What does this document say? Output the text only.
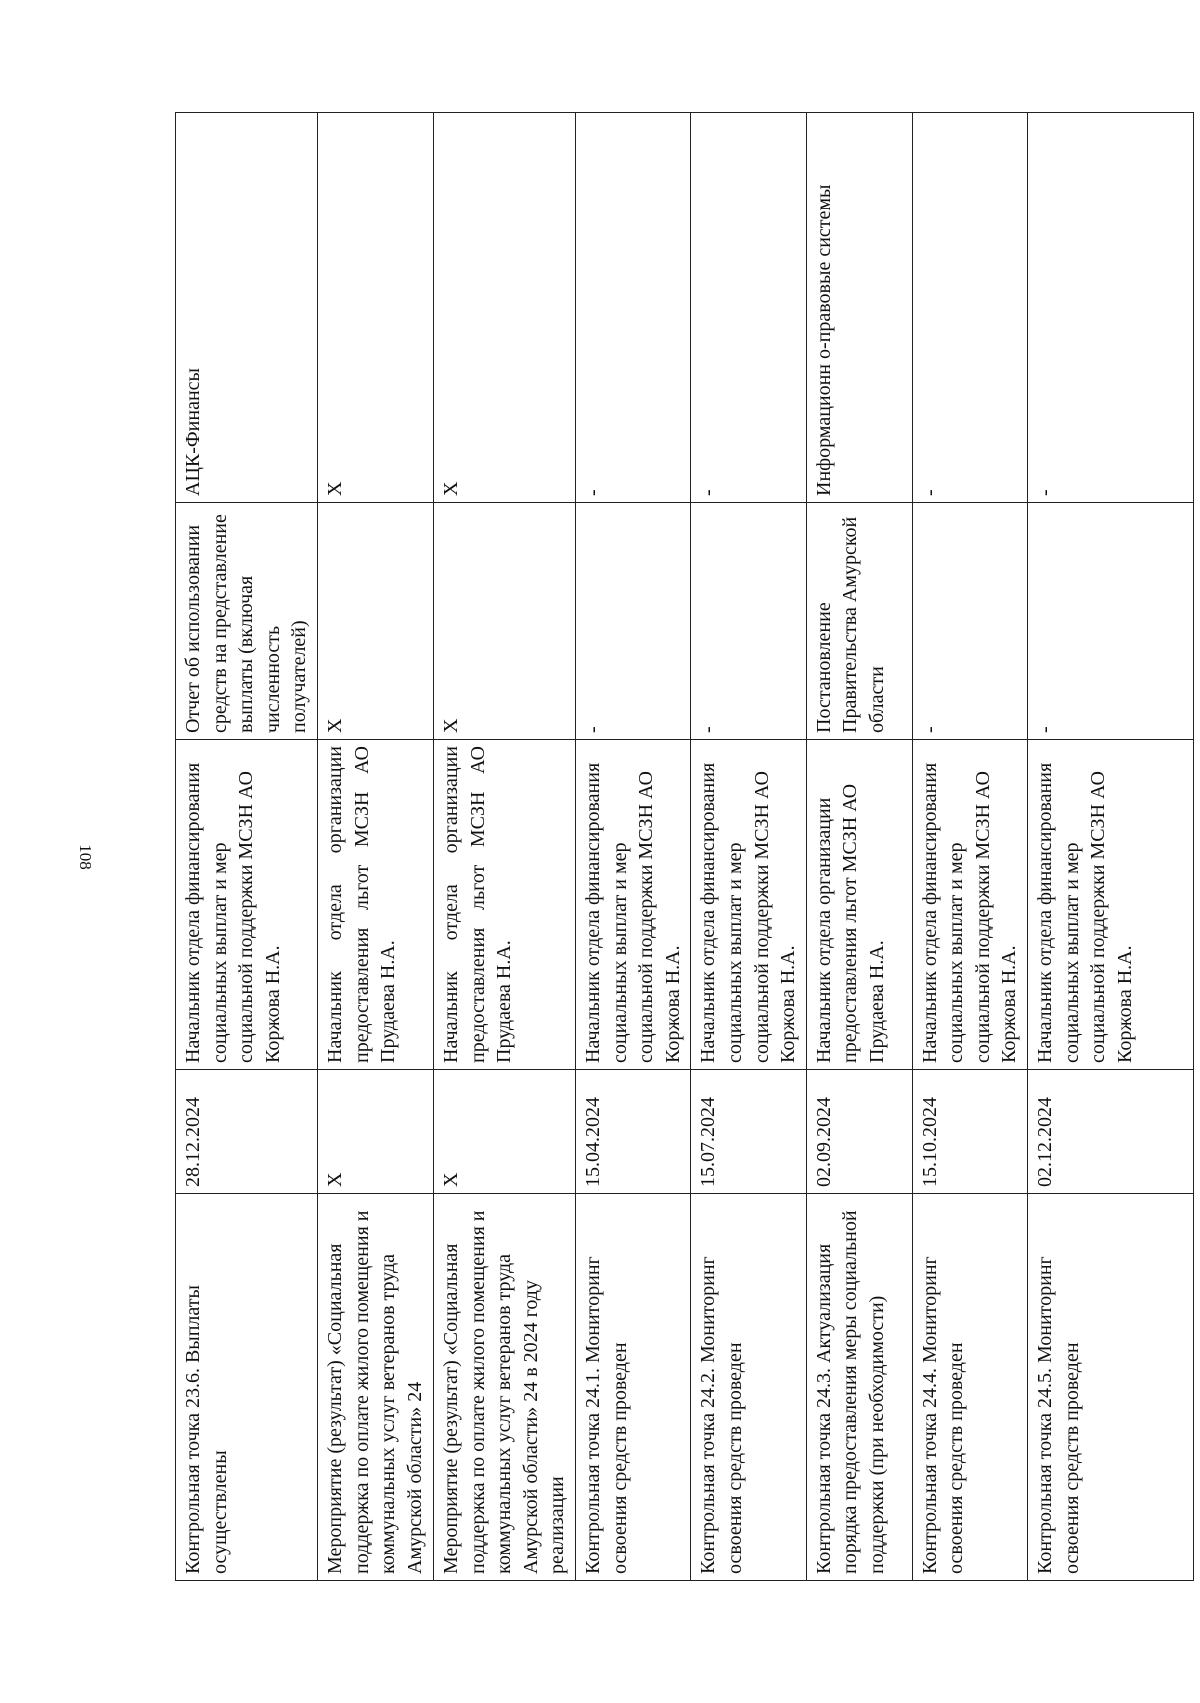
108
Контрольная точка 23.6. Выплаты осуществлены	28.12.2024	Начальник отдела финансирования социальных выплат и мер социальной поддержки МСЗН АО Коржова Н.А.	Отчет об использовании средств на представление выплаты (включая численность получателей)	АЦК-Финансы
Мероприятие (результат) «Социальная поддержка по оплате жилого помещения и коммунальных услуг ветеранов труда Амурской области» 24	X	Начальник отдела организации предоставления льгот МСЗН АО Прудаева Н.А.	X	X
Мероприятие (результат) «Социальная поддержка по оплате жилого помещения и коммунальных услуг ветеранов труда Амурской области» 24 в 2024 году реализации	X	Начальник отдела организации предоставления льгот МСЗН АО Прудаева Н.А.	X	X
Контрольная точка 24.1. Мониторинг освоения средств проведен	15.04.2024	Начальник отдела финансирования социальных выплат и мер социальной поддержки МСЗН АО Коржова Н.А.	-	-
Контрольная точка 24.2. Мониторинг освоения средств проведен	15.07.2024	Начальник отдела финансирования социальных выплат и мер социальной поддержки МСЗН АО Коржова Н.А.	-	-
Контрольная точка 24.3. Актуализация порядка предоставления меры социальной поддержки (при необходимости)	02.09.2024	Начальник отдела организации предоставления льгот МСЗН АО Прудаева Н.А.	Постановление Правительства Амурской области	Информационн о-правовые системы
Контрольная точка 24.4. Мониторинг освоения средств проведен	15.10.2024	Начальник отдела финансирования социальных выплат и мер социальной поддержки МСЗН АО Коржова Н.А.	-	-
Контрольная точка 24.5. Мониторинг освоения средств проведен	02.12.2024	Начальник отдела финансирования социальных выплат и мер социальной поддержки МСЗН АО Коржова Н.А.	-	-
